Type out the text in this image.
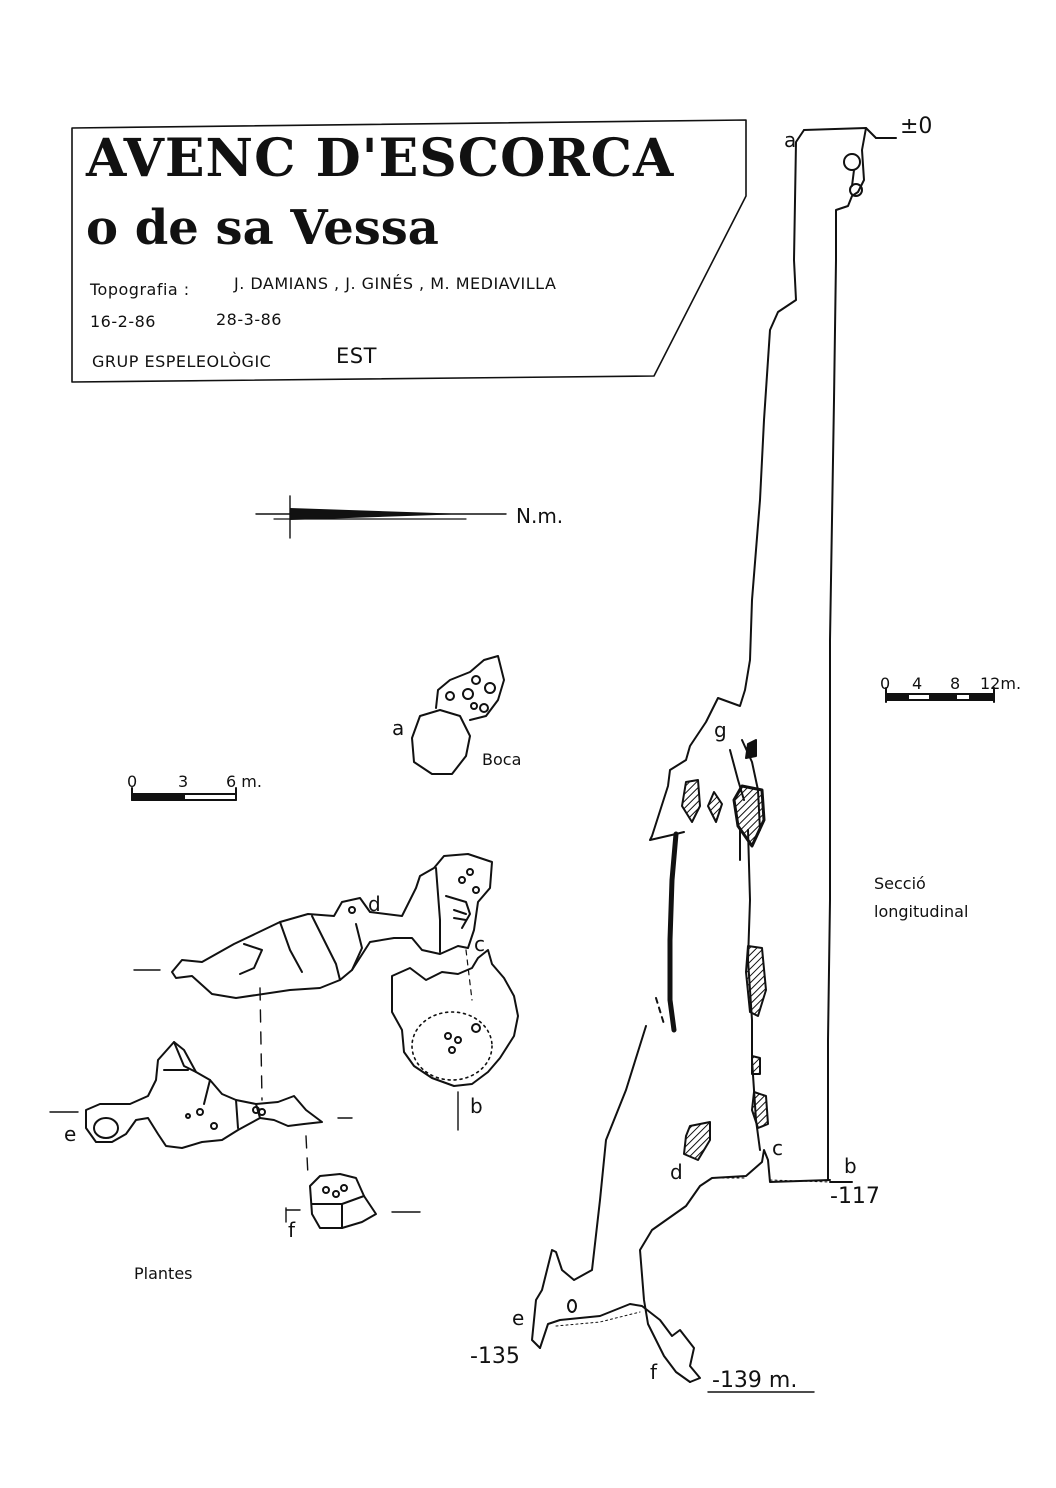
AVENC D'ESCORCA
o de sa Vessa
Topografia :	J. DAMIANS , J. GINÉS , M. MEDIAVILLA
16-2-86	28-3-86
GRUP ESPELEOLÒGIC	EST
N.m.
0	3 6 m.
0 4 8 12m.
a
Boca
d
c
b
e
f
Plantes
a
±0
g
Secció
longitudinal
c
d	b
-117
e
-135
f -139 m.
